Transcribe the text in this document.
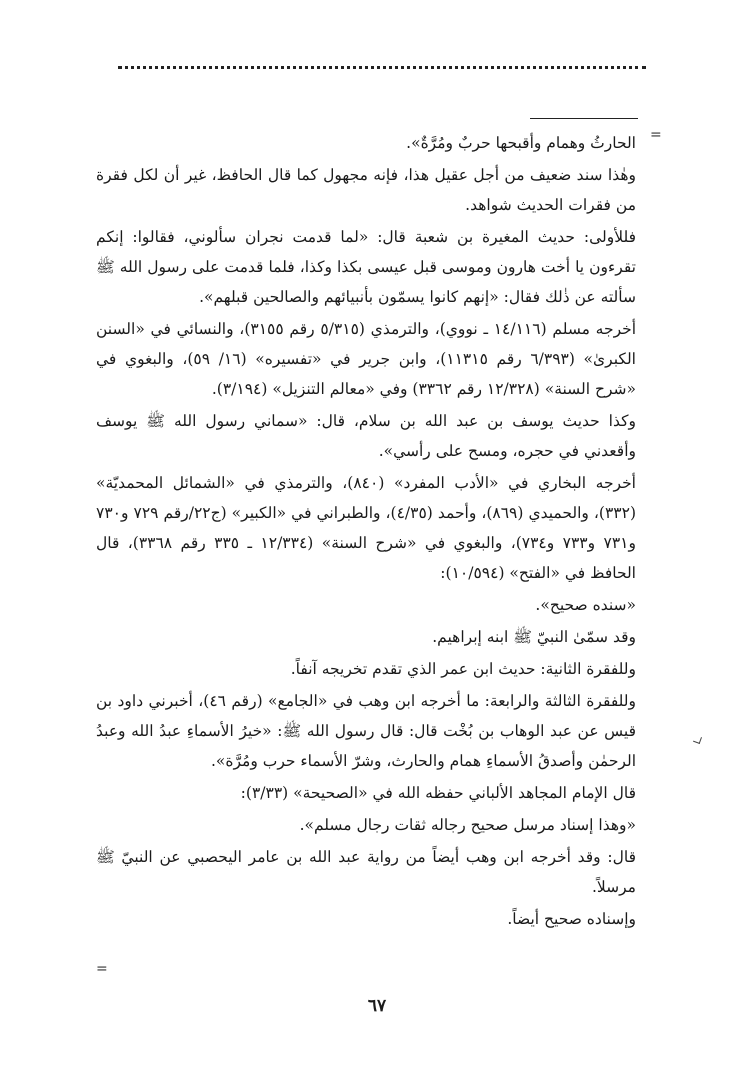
=
=

الحارثُ وهمام وأقبحها حربٌ ومُرَّةٌ».

وهٰذا سند ضعيف من أجل عقيل هذا، فإنه مجهول كما قال الحافظ، غير أن لكل فقرة من فقرات الحديث شواهد.

فللأولى: حديث المغيرة بن شعبة قال: «لما قدمت نجران سألوني، فقالوا: إنكم تقرءون يا أخت هارون وموسى قبل عيسى بكذا وكذا، فلما قدمت على رسول الله ﷺ سألته عن ذٰلك فقال: «إنهم كانوا يسمّون بأنبيائهم والصالحين قبلهم».

أخرجه مسلم (١٤/١١٦ ـ نووي)، والترمذي (٥/٣١٥ رقم ٣١٥٥)، والنسائي في «السنن الكبرىٰ» (٦/٣٩٣ رقم ١١٣١٥)، وابن جرير في «تفسيره» (١٦/ ٥٩)، والبغوي في «شرح السنة» (١٢/٣٢٨ رقم ٣٣٦٢) وفي «معالم التنزيل» (٣/١٩٤).

وكذا حديث يوسف بن عبد الله بن سلام، قال: «سماني رسول الله ﷺ يوسف وأقعدني في حجره، ومسح على رأسي».

أخرجه البخاري في «الأدب المفرد» (٨٤٠)، والترمذي في «الشمائل المحمديّة» (٣٣٢)، والحميدي (٨٦٩)، وأحمد (٤/٣٥)، والطبراني في «الكبير» (ج٢٢/رقم ٧٢٩ و٧٣٠ و٧٣١ و٧٣٣ و٧٣٤)، والبغوي في «شرح السنة» (١٢/٣٣٤ ـ ٣٣٥ رقم ٣٣٦٨)، قال الحافظ في «الفتح» (١٠/٥٩٤):

«سنده صحيح».

وقد سمّىٰ النبيّ ﷺ ابنه إبراهيم.

وللفقرة الثانية: حديث ابن عمر الذي تقدم تخريجه آنفاً.

وللفقرة الثالثة والرابعة: ما أخرجه ابن وهب في «الجامع» (رقم ٤٦)، أخبرني داود بن قيس عن عبد الوهاب بن بُخْت قال: قال رسول الله ﷺ: «خيرُ الأسماءِ عبدُ الله وعبدُ الرحمٰن وأصدقُ الأسماءِ همام والحارث، وشرّ الأسماء حرب ومُرَّة».

قال الإمام المجاهد الألباني حفظه الله في «الصحيحة» (٣/٣٣):

«وهذا إسناد مرسل صحيح رجاله ثقات رجال مسلم».

قال: وقد أخرجه ابن وهب أيضاً من رواية عبد الله بن عامر اليحصبي عن النبيّ ﷺ مرسلاً.

وإسناده صحيح أيضاً.

٦٧
